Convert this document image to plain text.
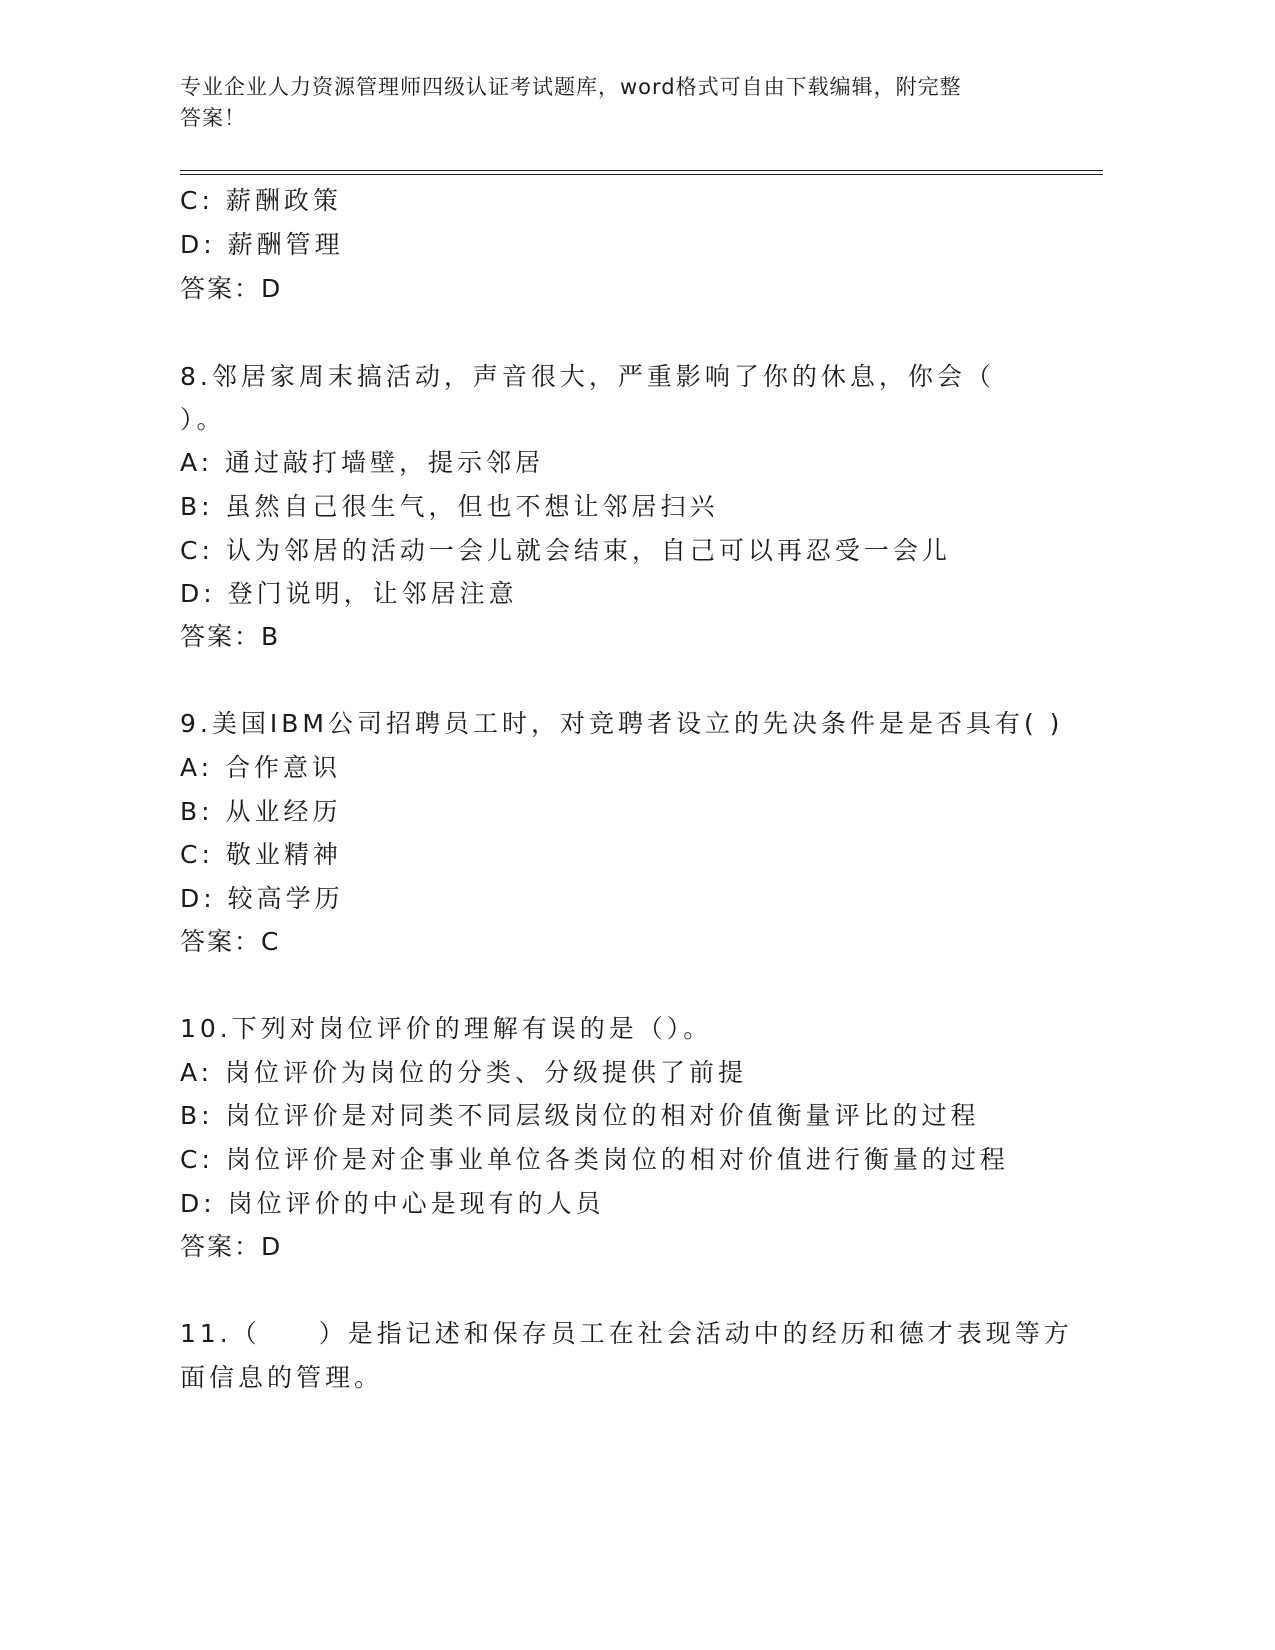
专业企业人力资源管理师四级认证考试题库，word格式可自由下载编辑，附完整
答案！
C: 薪酬政策
D: 薪酬管理
答案：D
8.邻居家周末搞活动，声音很大，严重影响了你的休息，你会（
）。
A: 通过敲打墙壁，提示邻居
B: 虽然自己很生气，但也不想让邻居扫兴
C: 认为邻居的活动一会儿就会结束，自己可以再忍受一会儿
D: 登门说明，让邻居注意
答案：B
9.美国IBM公司招聘员工时，对竞聘者设立的先决条件是是否具有( )
A: 合作意识
B: 从业经历
C: 敬业精神
D: 较高学历
答案：C
10.下列对岗位评价的理解有误的是（）。
A: 岗位评价为岗位的分类、分级提供了前提
B: 岗位评价是对同类不同层级岗位的相对价值衡量评比的过程
C: 岗位评价是对企事业单位各类岗位的相对价值进行衡量的过程
D: 岗位评价的中心是现有的人员
答案：D
11.（　　）是指记述和保存员工在社会活动中的经历和德才表现等方
面信息的管理。
